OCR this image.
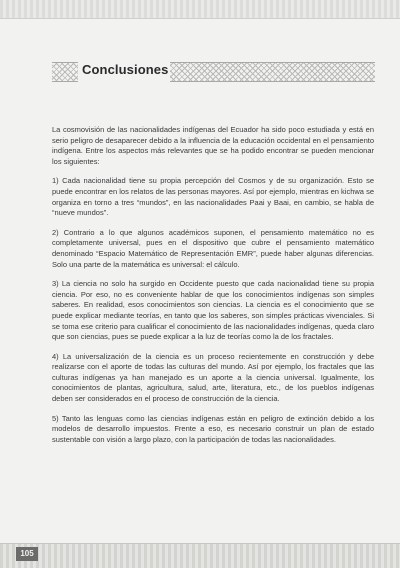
Conclusiones

La cosmovisión de las nacionalidades indígenas del Ecuador ha sido poco estudiada y está en serio peligro de desaparecer debido a la influencia de la educación occidental en el pensamiento indígena. Entre los aspectos más relevantes que se ha podido encontrar se pueden mencionar los siguientes:

1) Cada nacionalidad tiene su propia percepción del Cosmos y de su organización. Esto se puede encontrar en los relatos de las personas mayores. Así por ejemplo, mientras en kichwa se organiza en torno a tres “mundos”, en las nacionalidades Paai y Baai, en cambio, se habla de “nueve mundos”.

2) Contrario a lo que algunos académicos suponen, el pensamiento matemático no es completamente universal, pues en el dispositivo que cubre el pensamiento matemático denominado “Espacio Matemático de Representación EMR”, puede haber algunas diferencias. Solo una parte de la matemática es universal: el cálculo.

3) La ciencia no solo ha surgido en Occidente puesto que cada nacionalidad tiene su propia ciencia. Por eso, no es conveniente hablar de que los conocimientos indígenas son simples saberes. En realidad, esos conocimientos son ciencias. La ciencia es el conocimiento que se puede explicar mediante teorías, en tanto que los saberes, son simples prácticas vivenciales. Si se toma ese criterio para cualificar el conocimiento de las nacionalidades indígenas, queda claro que son ciencias, pues se puede explicar a la luz de teorías como la de los fractales.

4) La universalización de la ciencia es un proceso recientemente en construcción y debe realizarse con el aporte de todas las culturas del mundo. Así por ejemplo, los fractales que las culturas indígenas ya han manejado es un aporte a la ciencia universal. Igualmente, los conocimientos de plantas, agricultura, salud, arte, literatura, etc., de los pueblos indígenas deben ser considerados en el proceso de construcción de la ciencia.

5) Tanto las lenguas como las ciencias indígenas están en peligro de extinción debido a los modelos de desarrollo impuestos. Frente a eso, es necesario construir un plan de estado sustentable con visión a largo plazo, con la participación de todas las nacionalidades.

105
